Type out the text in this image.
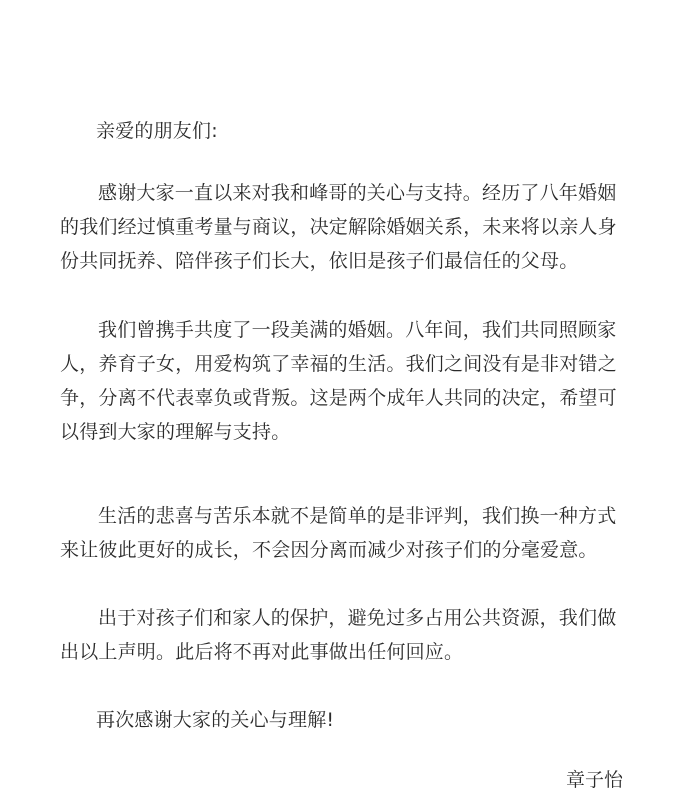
亲爱的朋友们:

感谢大家一直以来对我和峰哥的关心与支持。经历了八年婚姻
的我们经过慎重考量与商议，决定解除婚姻关系，未来将以亲人身
份共同抚养、陪伴孩子们长大，依旧是孩子们最信任的父母。
我们曾携手共度了一段美满的婚姻。八年间，我们共同照顾家
人，养育子女，用爱构筑了幸福的生活。我们之间没有是非对错之
争，分离不代表辜负或背叛。这是两个成年人共同的决定，希望可
以得到大家的理解与支持。
生活的悲喜与苦乐本就不是简单的是非评判，我们换一种方式
来让彼此更好的成长，不会因分离而减少对孩子们的分毫爱意。
出于对孩子们和家人的保护，避免过多占用公共资源，我们做
出以上声明。此后将不再对此事做出任何回应。

再次感谢大家的关心与理解!

章子怡
